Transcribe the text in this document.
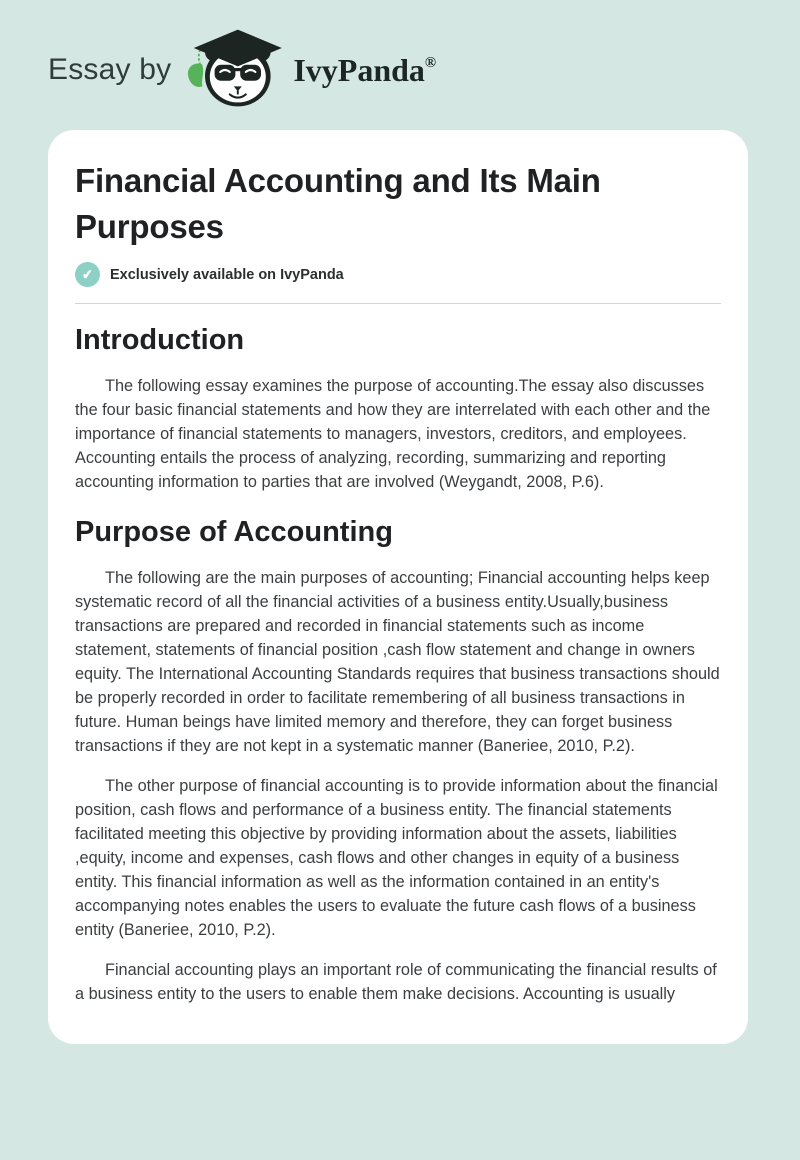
Essay by	IvyPanda®
Financial Accounting and Its Main Purposes
✔	Exclusively available on IvyPanda
Introduction

The following essay examines the purpose of accounting.The essay also discusses the four basic financial statements and how they are interrelated with each other and the importance of financial statements to managers, investors, creditors, and employees. Accounting entails the process of analyzing, recording, summarizing and reporting accounting information to parties that are involved (Weygandt, 2008, P.6).

Purpose of Accounting

The following are the main purposes of accounting; Financial accounting helps keep systematic record of all the financial activities of a business entity.Usually,business transactions are prepared and recorded in financial statements such as income statement, statements of financial position ,cash flow statement and change in owners equity. The International Accounting Standards requires that business transactions should be properly recorded in order to facilitate remembering of all business transactions in future. Human beings have limited memory and therefore, they can forget business transactions if they are not kept in a systematic manner (Baneriee, 2010, P.2).

The other purpose of financial accounting is to provide information about the financial position, cash flows and performance of a business entity. The financial statements facilitated meeting this objective by providing information about the assets, liabilities ,equity, income and expenses, cash flows and other changes in equity of a business entity. This financial information as well as the information contained in an entity's accompanying notes enables the users to evaluate the future cash flows of a business entity (Baneriee, 2010, P.2).

Financial accounting plays an important role of communicating the financial results of a business entity to the users to enable them make decisions. Accounting is usually
